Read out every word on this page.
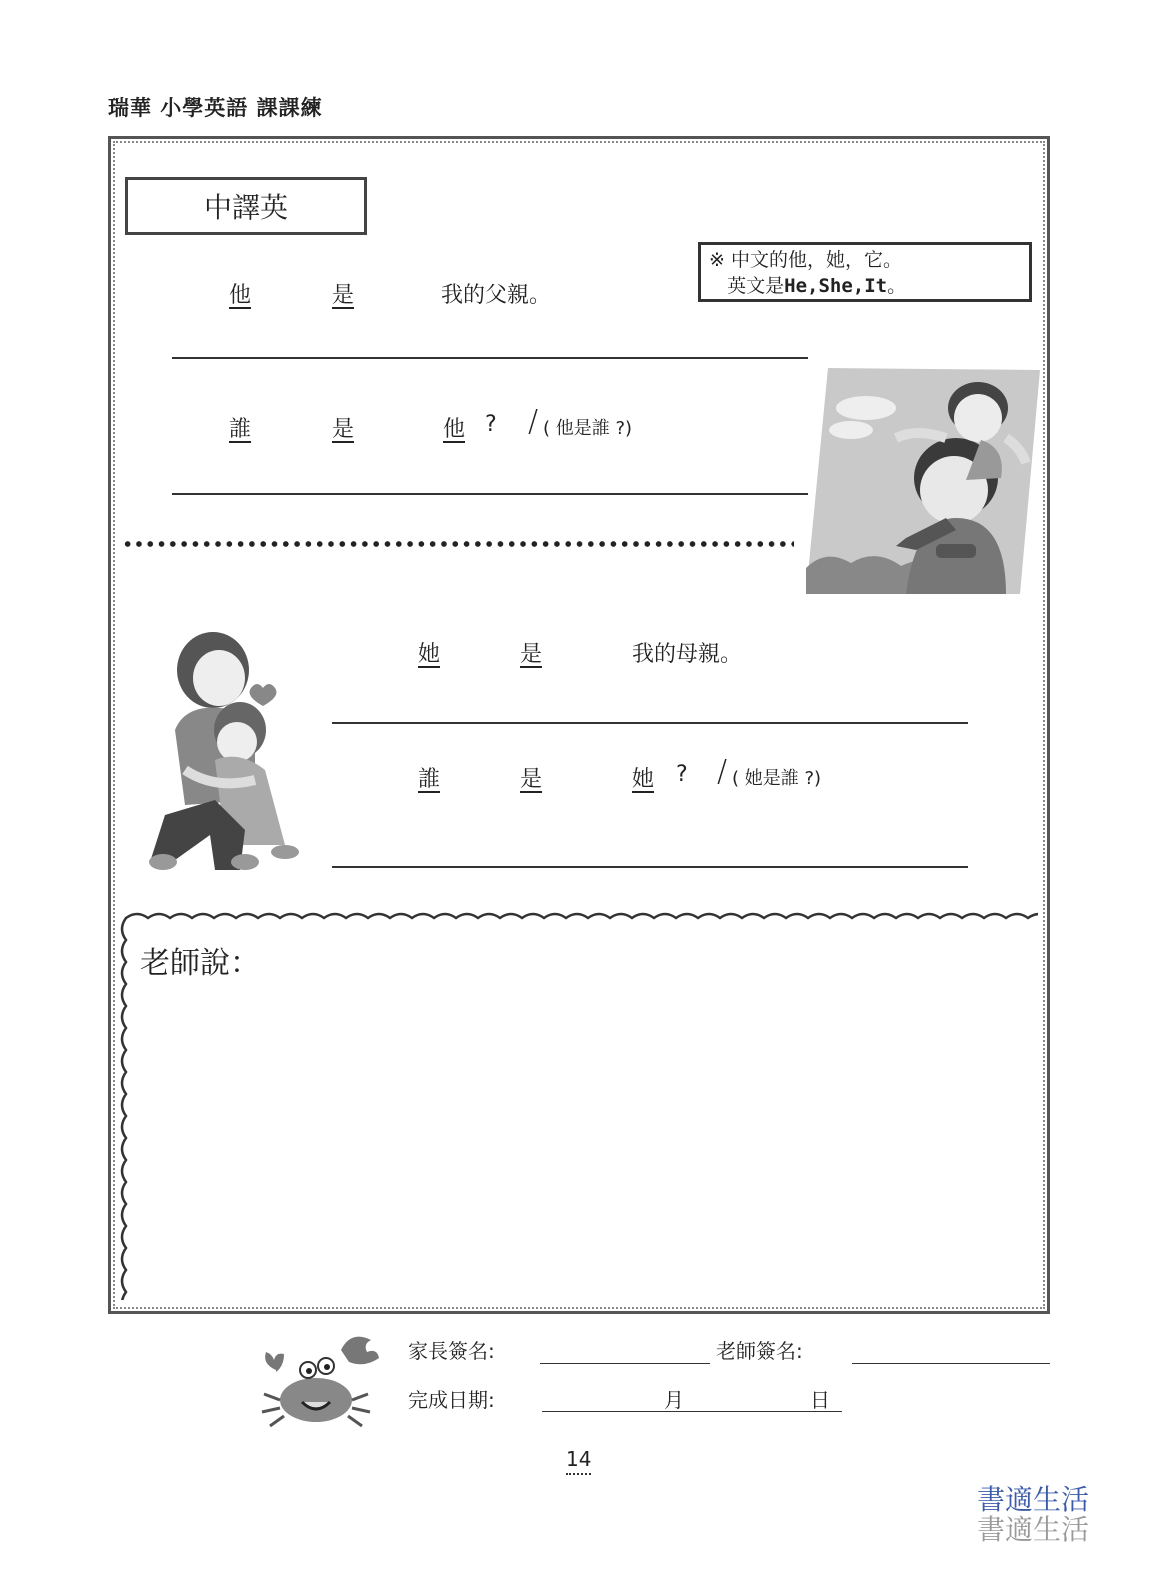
瑞華 小學英語 課課練
中譯英
※ 中文的他，她，它。
英文是He,She,It。
他	是	我的父親。
誰	是	他 ? / ( 他是誰 ?)
她	是	我的母親。
誰	是	她 ? / ( 她是誰 ?)
老師說：
家長簽名:	老師簽名:
完成日期:	月	日
14
書適生活
書適生活
